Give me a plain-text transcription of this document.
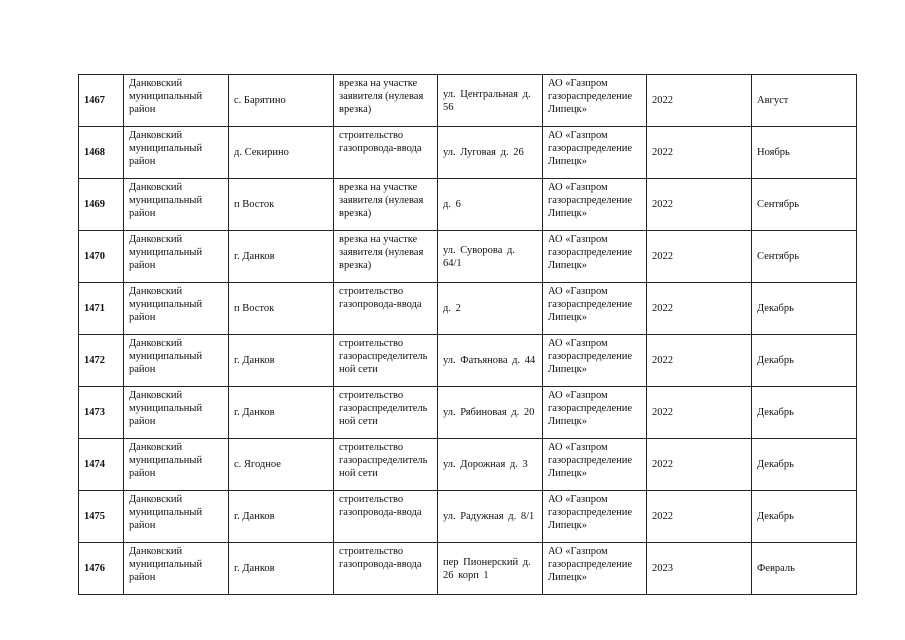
1467	Данковский муниципальный район	с. Барятино	врезка на участке заявителя (нулевая врезка)	ул. Центральная д. 56	АО «Газпром газораспределение Липецк»	2022	Август
1468	Данковский муниципальный район	д. Секирино	строительство газопровода-ввода	ул. Луговая д. 26	АО «Газпром газораспределение Липецк»	2022	Ноябрь
1469	Данковский муниципальный район	п Восток	врезка на участке заявителя (нулевая врезка)	д. 6	АО «Газпром газораспределение Липецк»	2022	Сентябрь
1470	Данковский муниципальный район	г. Данков	врезка на участке заявителя (нулевая врезка)	ул. Суворова д. 64/1	АО «Газпром газораспределение Липецк»	2022	Сентябрь
1471	Данковский муниципальный район	п Восток	строительство газопровода-ввода	д. 2	АО «Газпром газораспределение Липецк»	2022	Декабрь
1472	Данковский муниципальный район	г. Данков	строительство газораспределитель ной сети	ул. Фатьянова д. 44	АО «Газпром газораспределение Липецк»	2022	Декабрь
1473	Данковский муниципальный район	г. Данков	строительство газораспределитель ной сети	ул. Рябиновая д. 20	АО «Газпром газораспределение Липецк»	2022	Декабрь
1474	Данковский муниципальный район	с. Ягодное	строительство газораспределитель ной сети	ул. Дорожная д. 3	АО «Газпром газораспределение Липецк»	2022	Декабрь
1475	Данковский муниципальный район	г. Данков	строительство газопровода-ввода	ул. Радужная д. 8/1	АО «Газпром газораспределение Липецк»	2022	Декабрь
1476	Данковский муниципальный район	г. Данков	строительство газопровода-ввода	пер Пионерский д. 26 корп 1	АО «Газпром газораспределение Липецк»	2023	Февраль
